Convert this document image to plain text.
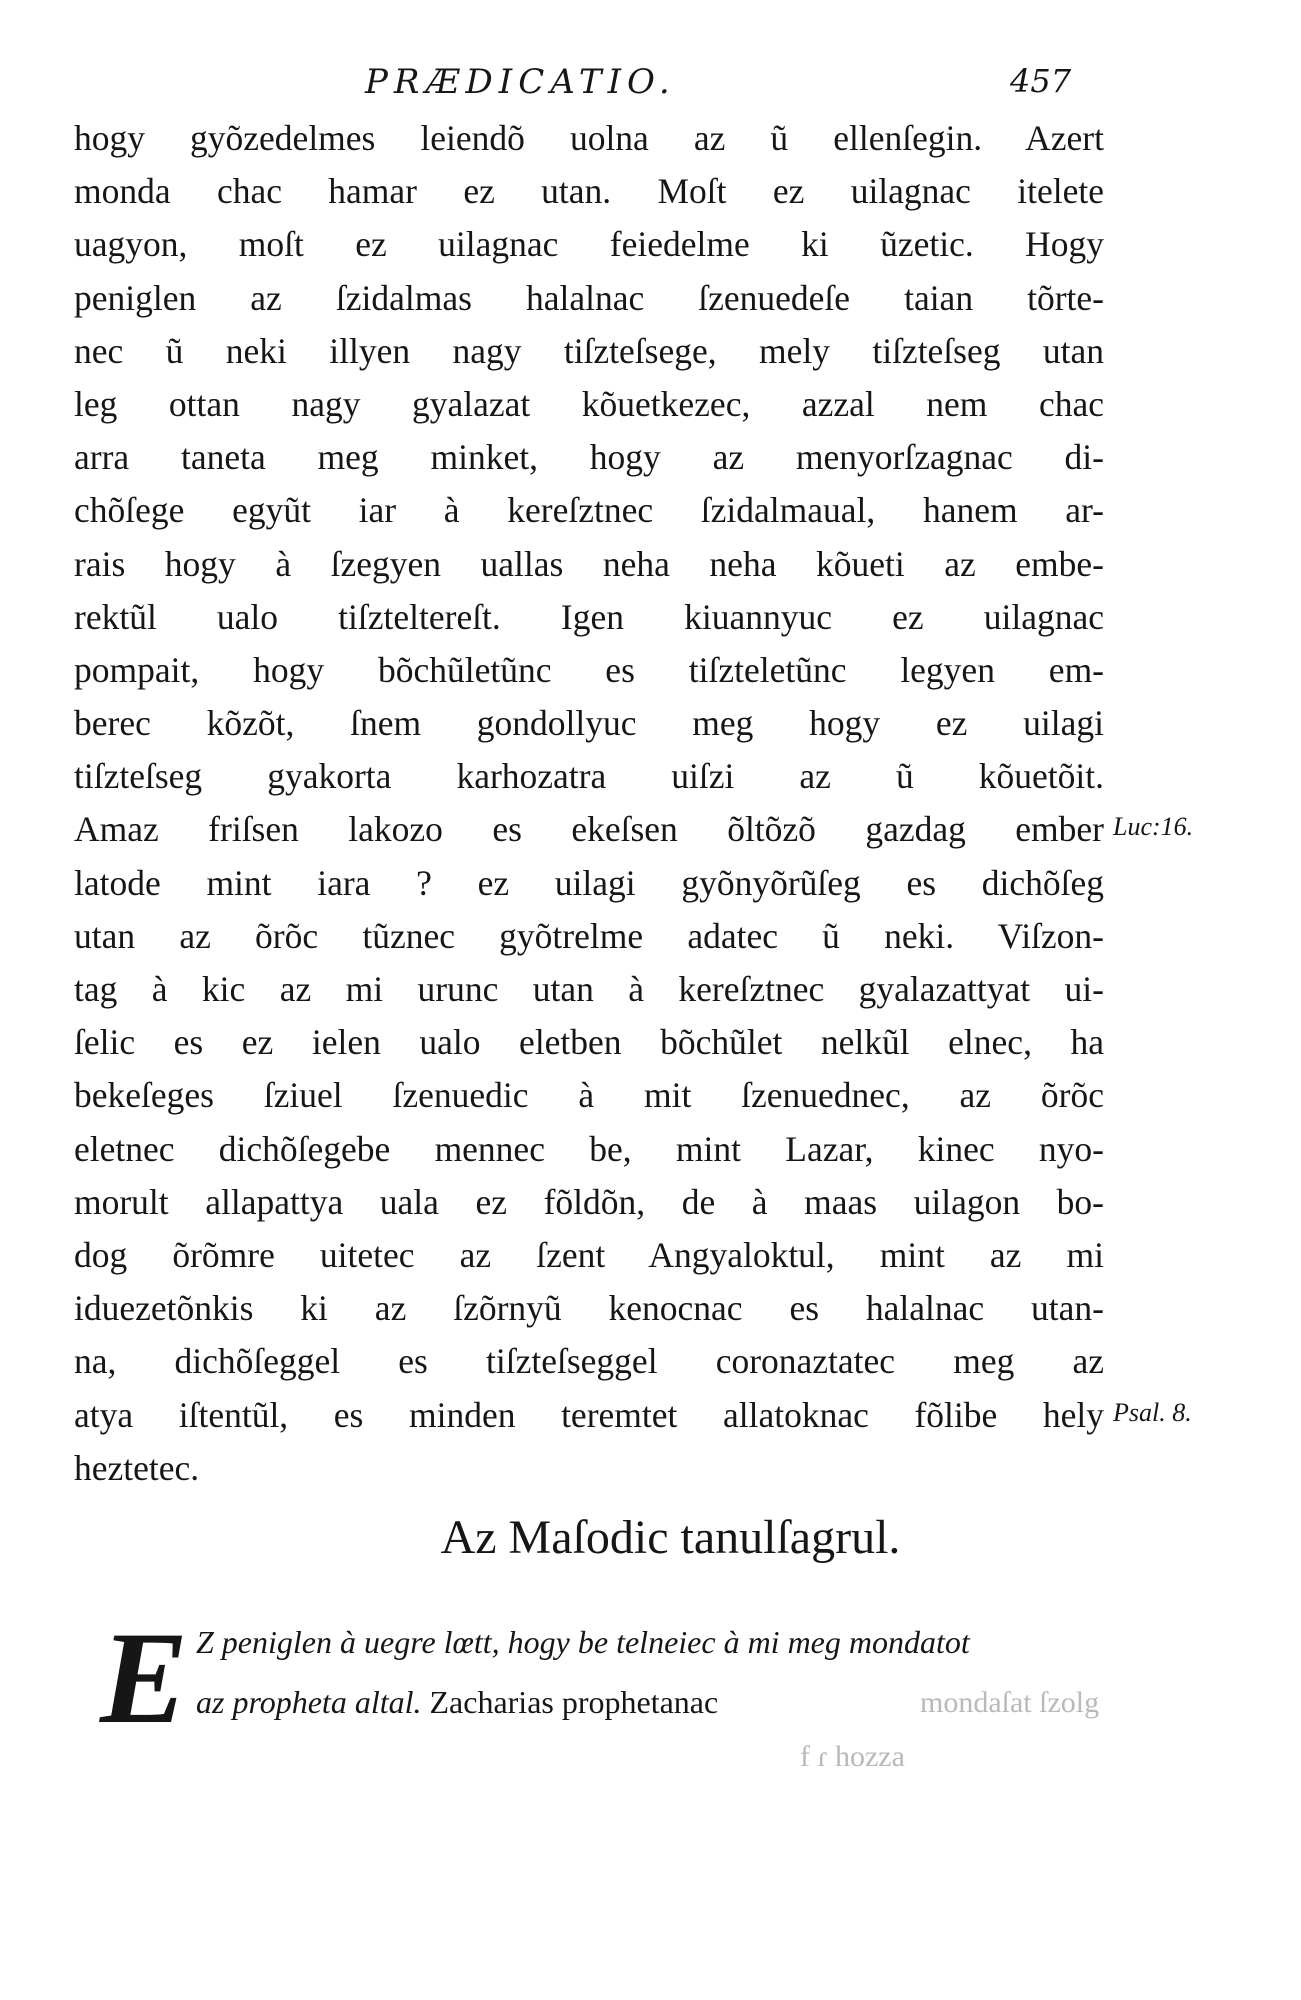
PRÆDICATIO.	457
hogy gyõzedelmes leiendõ uolna az ũ ellenſegin. Azert
monda chac hamar ez utan. Moſt ez uilagnac itelete
uagyon, moſt ez uilagnac feiedelme ki ũzetic. Hogy
peniglen az ſzidalmas halalnac ſzenuedeſe taian tõrte-
nec ũ neki illyen nagy tiſzteſsege, mely tiſzteſseg utan
leg ottan nagy gyalazat kõuetkezec, azzal nem chac
arra taneta meg minket, hogy az menyorſzagnac di-
chõſege egyũt iar à kereſztnec ſzidalmaual, hanem ar-
rais hogy à ſzegyen uallas neha neha kõueti az embe-
rektũl ualo tiſzteltereſt. Igen kiuannyuc ez uilagnac
pompait, hogy bõchũletũnc es tiſzteletũnc legyen em-
berec kõzõt, ſnem gondollyuc meg hogy ez uilagi
tiſzteſseg gyakorta karhozatra uiſzi az ũ kõuetõit.
Amaz friſsen lakozo es ekeſsen õltõzõ gazdag ember
latode mint iara ? ez uilagi gyõnyõrũſeg es dichõſeg
utan az õrõc tũznec gyõtrelme adatec ũ neki. Viſzon-
tag à kic az mi urunc utan à kereſztnec gyalazattyat ui-
ſelic es ez ielen ualo eletben bõchũlet nelkũl elnec, ha
bekeſeges ſziuel ſzenuedic à mit ſzenuednec, az õrõc
eletnec dichõſegebe mennec be, mint Lazar, kinec nyo-
morult allapattya uala ez fõldõn, de à maas uilagon bo-
dog õrõmre uitetec az ſzent Angyaloktul, mint az mi
iduezetõnkis ki az ſzõrnyũ kenocnac es halalnac utan-
na, dichõſeggel es tiſzteſseggel coronaztatec meg az
atya iſtentũl, es minden teremtet allatoknac fõlibe hely
heztetec.
Luc:16.
Psal. 8.
Az Maſodic tanulſagrul.
E Z peniglen à uegre lœtt, hogy be telneiec à mi meg mondatot
az propheta altal. Zacharias prophetanac	mondaſat ſzolg
f ɾ hozza
